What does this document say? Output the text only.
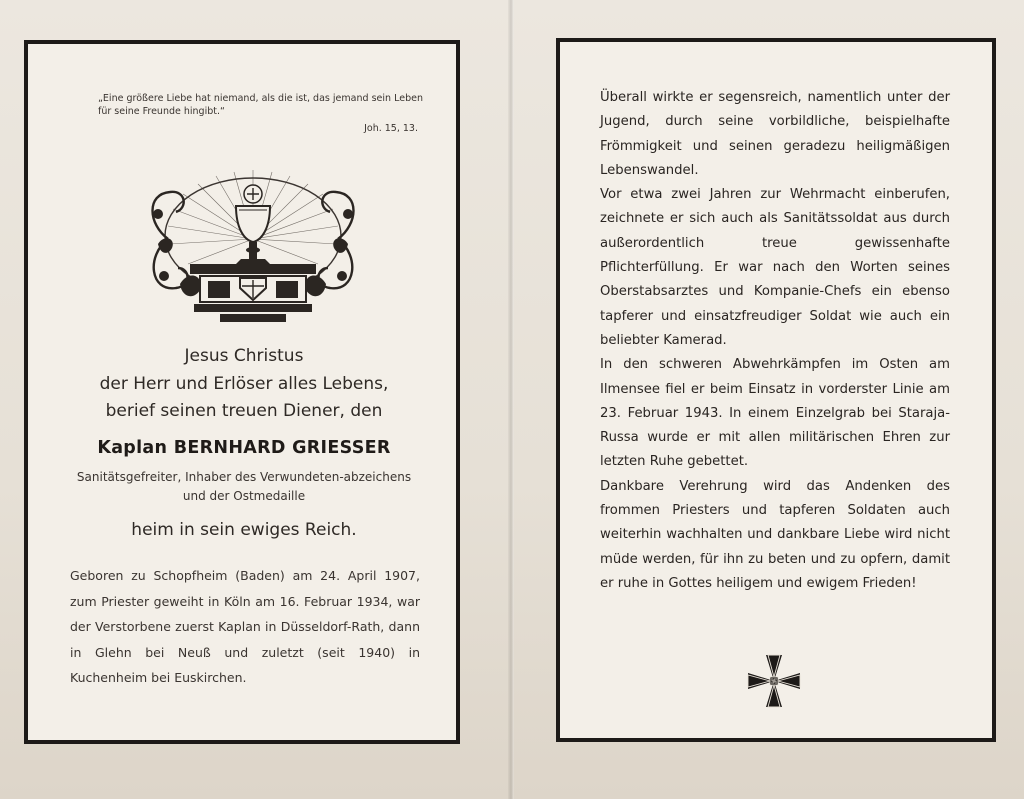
„Eine größere Liebe hat niemand, als die ist, das jemand sein Leben für seine Freunde hingibt.“
Joh. 15, 13.
Jesus Christus
der Herr und Erlöser alles Lebens,
berief seinen treuen Diener, den
Kaplan BERNHARD GRIESSER
Sanitätsgefreiter, Inhaber des Verwundeten-abzeichens und der Ostmedaille
heim in sein ewiges Reich.
Geboren zu Schopfheim (Baden) am 24. April 1907, zum Priester geweiht in Köln am 16. Februar 1934, war der Verstorbene zuerst Kaplan in Düsseldorf-Rath, dann in Glehn bei Neuß und zuletzt (seit 1940) in Kuchenheim bei Euskirchen.

Überall wirkte er segensreich, namentlich unter der Jugend, durch seine vorbildliche, beispielhafte Frömmigkeit und seinen geradezu heiligmäßigen Lebenswandel.

Vor etwa zwei Jahren zur Wehrmacht einberufen, zeichnete er sich auch als Sanitätssoldat aus durch außerordentlich treue gewissenhafte Pflichterfüllung. Er war nach den Worten seines Oberstabsarztes und Kompanie-Chefs ein ebenso tapferer und einsatzfreudiger Soldat wie auch ein beliebter Kamerad.

In den schweren Abwehrkämpfen im Osten am Ilmensee fiel er beim Einsatz in vorderster Linie am 23. Februar 1943. In einem Einzelgrab bei Staraja-Russa wurde er mit allen militärischen Ehren zur letzten Ruhe gebettet.

Dankbare Verehrung wird das Andenken des frommen Priesters und tapferen Soldaten auch weiterhin wachhalten und dankbare Liebe wird nicht müde werden, für ihn zu beten und zu opfern, damit er ruhe in Gottes heiligem und ewigem Frieden!
